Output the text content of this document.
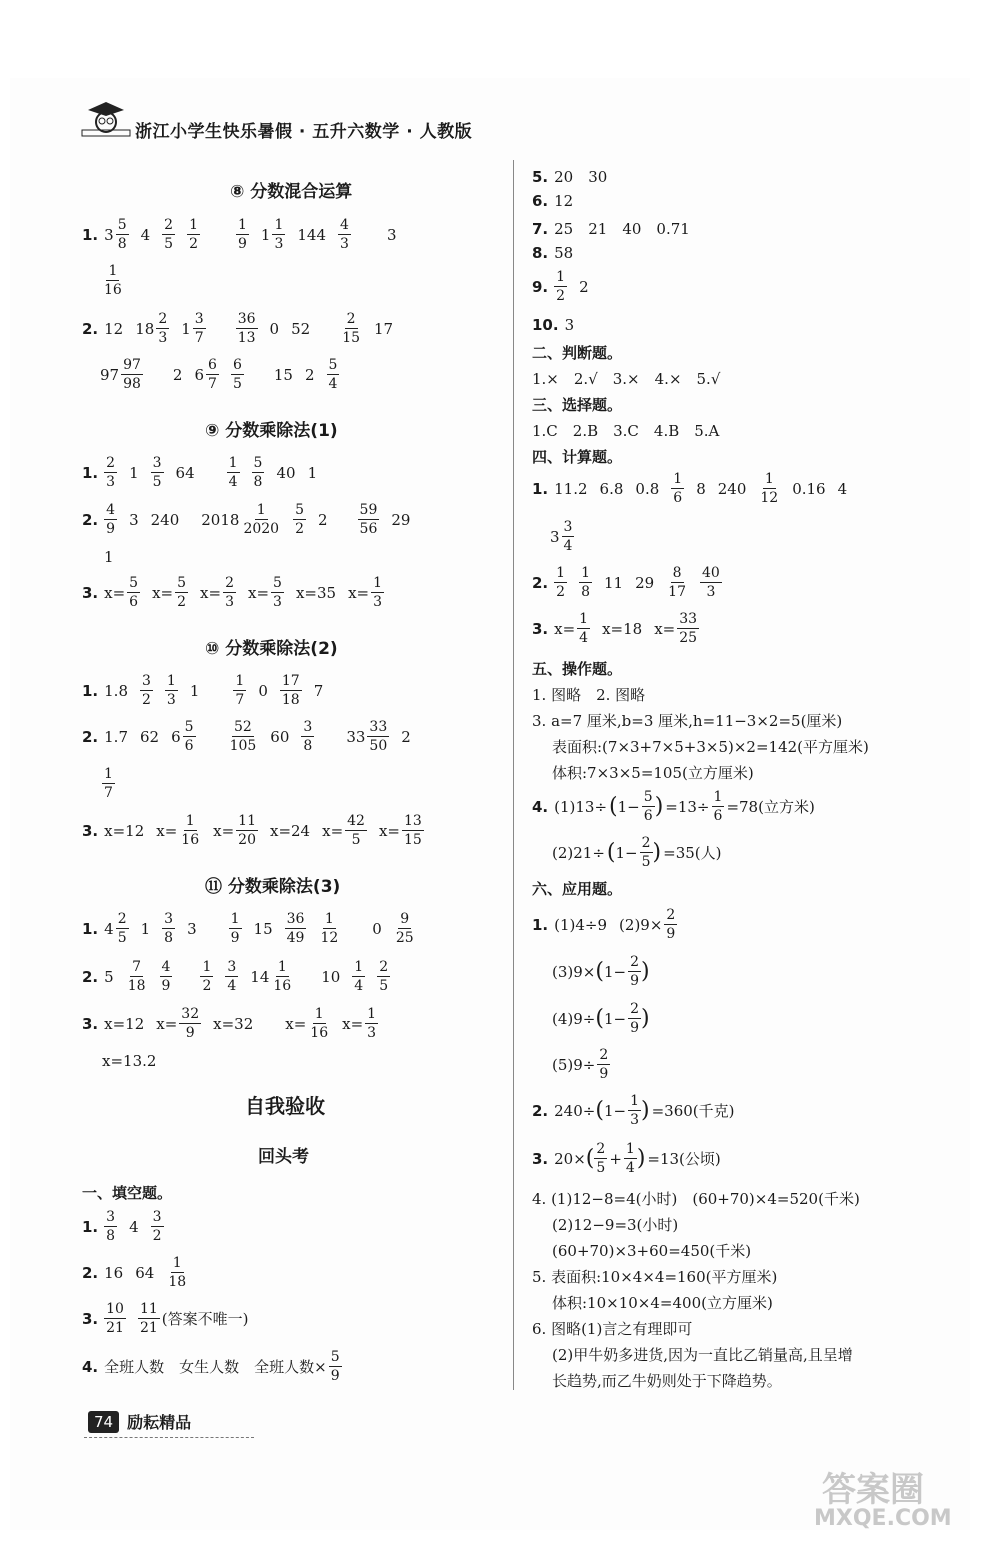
浙江小学生快乐暑假 · 五升六数学 · 人教版
⑧ 分数混合运算
1. $3 \frac{5}{8} 4 \frac{2}{5} \frac{1}{2}$	$\frac{1}{9} 1 \frac{1}{3} 144 \frac{4}{3} 3$
$\frac{1}{16}$
2. 12 $18 \frac{2}{3} 1 \frac{3}{7} \frac{36}{13} 0$ $52 \frac{2}{15} 17$
$97 \frac{97}{98} 2$ $6 \frac{6}{7} \frac{6}{5} 15$ $2 \frac{5}{4}$
⑨ 分数乘除法(1)
1. $\frac{2}{3} 1 \frac{3}{5} 64 \frac{1}{4} \frac{5}{8} 40$ 1
2. $\frac{4}{9} 3$ 240 $2018 \frac{1}{2020} \frac{5}{2} 2 \frac{59}{56} 29$
1
3. $x= \frac{5}{6} x= \frac{5}{2} x= \frac{2}{3} x= \frac{5}{3} x=35$ $x= \frac{1}{3}$
⑩ 分数乘除法(2)
1. $1.8 \frac{3}{2} \frac{1}{3} 1 \frac{1}{7} 0 \frac{17}{18} 7$
2. 1.7 62 $6 \frac{5}{6} \frac{52}{105} 60 \frac{3}{8} 33 \frac{33}{50} 2$
$\frac{1}{7}$
3. x=12 $x= \frac{1}{16} x= \frac{11}{20} x=24$ $x= \frac{42}{5} x= \frac{13}{15}$
⑪ 分数乘除法(3)
1. $4 \frac{2}{5} 1 \frac{3}{8} 3 \frac{1}{9} 15 \frac{36}{49} \frac{1}{12} 0 \frac{9}{25}$
2. $5 \frac{7}{18} \frac{4}{9} \frac{1}{2} \frac{3}{4} 14 \frac{1}{16} 10 \frac{1}{4} \frac{2}{5}$
3. x=12 $x= \frac{32}{9} x=32$ $x= \frac{1}{16} x= \frac{1}{3}$
x=13.2
自我验收
回头考
一、填空题。
1. $\frac{3}{8} 4 \frac{3}{2}$
2. 16 $64 \frac{1}{18}$
3. $\frac{10}{21} \frac{11}{21}$ (答案不唯一)
4. 全班人数　女生人数　全班人数× $\frac{5}{9}$
5. 20　30
6. 12
7. 25　21　40　0.71
8. 58
9. $\frac{1}{2} 2$
10. 3
二、判断题。
1.×　2.√　3.×　4.×　5.√
三、选择题。
1.C　2.B　3.C　4.B　5.A
四、计算题。
1. 11.2 6.8 $0.8 \frac{1}{6} 8$ $240 \frac{1}{12} 0.16$ 4
$3 \frac{3}{4}$
2. $\frac{1}{2} \frac{1}{8} 11$ $29 \frac{8}{17} \frac{40}{3}$
3. $x= \frac{1}{4} x=18$ $x= \frac{33}{25}$
五、操作题。
1. 图略　2. 图略
3. a=7 厘米,b=3 厘米,h=11−3×2=5(厘米)
表面积:(7×3+7×5+3×5)×2=142(平方厘米)
体积:7×3×5=105(立方厘米)
4. (1)13÷ ( $1- \frac{5}{6}$ ) $=13\div \frac{1}{6} =78$(立方米)
(2)21÷ ( $1- \frac{2}{5}$ ) =35(人)
六、应用题。
1. (1)4÷9 $(2)9\times \frac{2}{9}$
(3)9× ( $1- \frac{2}{9}$ )
(4)9÷ ( $1- \frac{2}{9}$ )
$(5)9\div \frac{2}{9}$
2. 240÷ ( $1- \frac{1}{3}$ ) =360(千克)
3. 20× ( $\frac{2}{5} + \frac{1}{4}$ ) =13(公顷)
4. (1)12−8=4(小时)　(60+70)×4=520(千米)
(2)12−9=3(小时)
(60+70)×3+60=450(千米)
5. 表面积:10×4×4=160(平方厘米)
体积:10×10×4=400(立方厘米)
6. 图略(1)言之有理即可
(2)甲牛奶多进货,因为一直比乙销量高,且呈增
长趋势,而乙牛奶则处于下降趋势。
74 励耘精品
答案圈
MXQE.COM
